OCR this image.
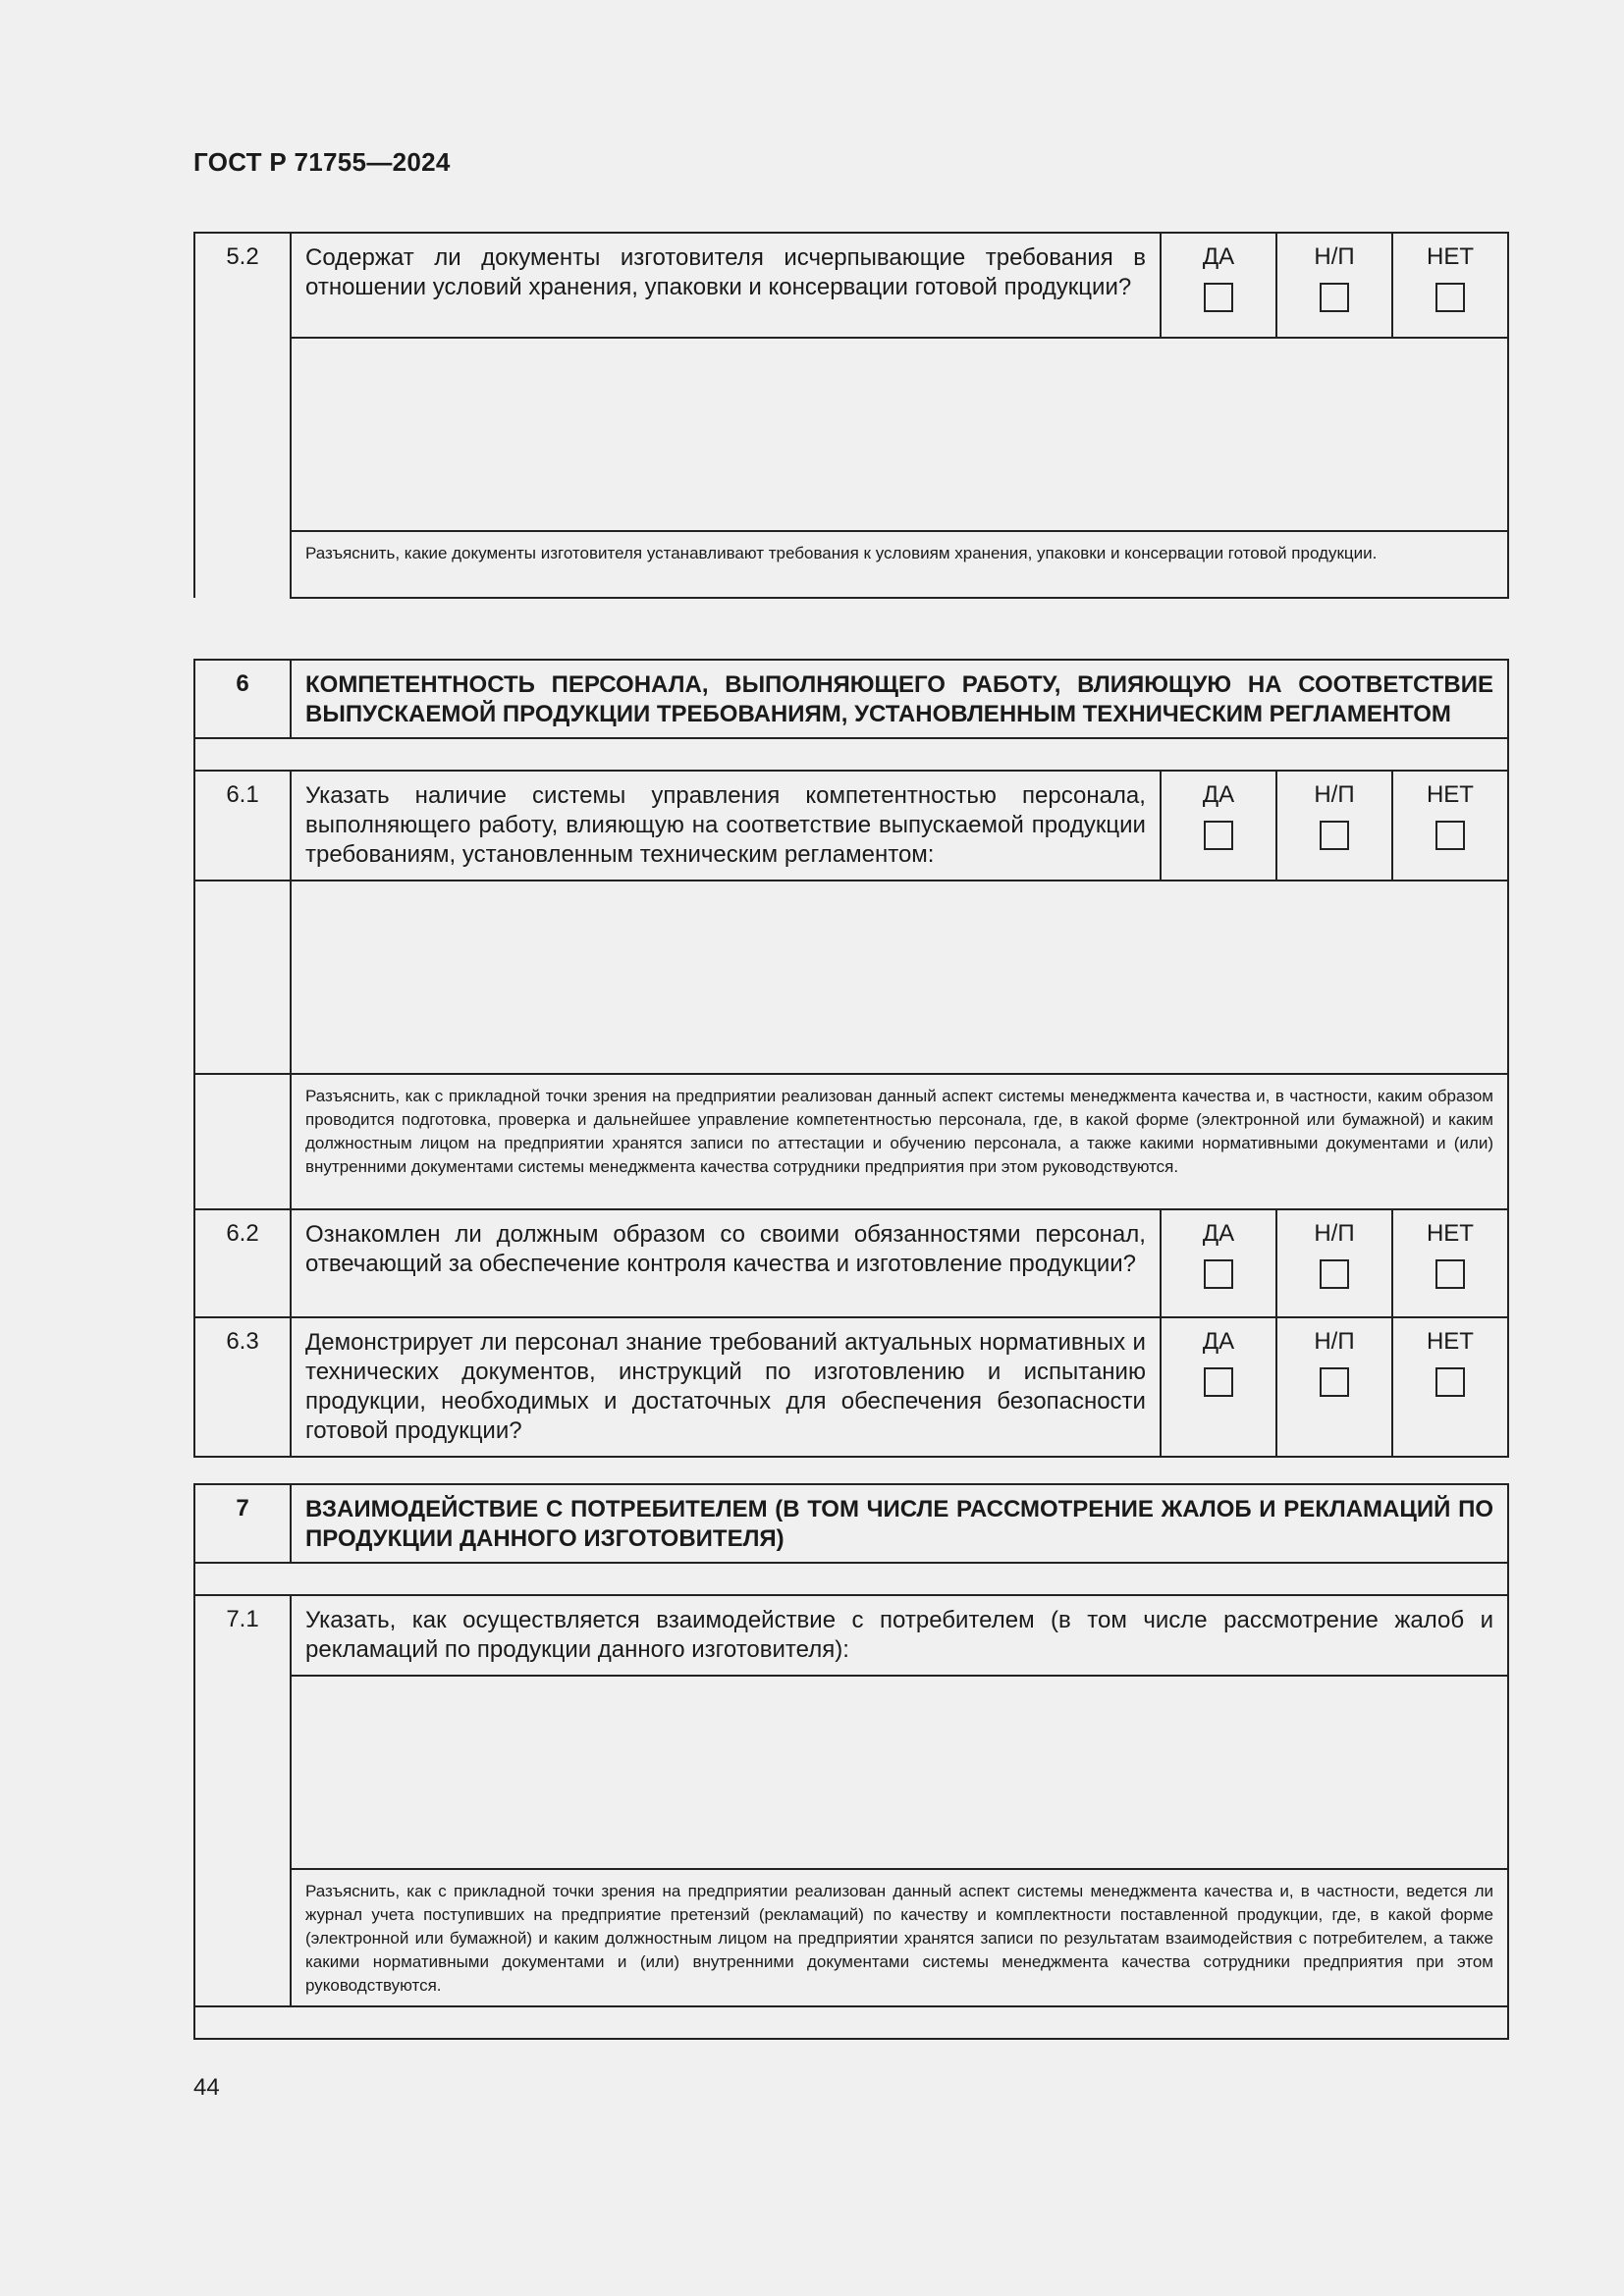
ГОСТ Р 71755—2024
5.2	Содержат ли документы изготовителя исчерпывающие требования в отношении условий хранения, упаковки и консервации готовой продукции?	ДА	Н/П	НЕТ

Разъяснить, какие документы изготовителя устанавливают требования к условиям хранения, упаковки и консервации готовой продукции.
6	КОМПЕТЕНТНОСТЬ ПЕРСОНАЛА, ВЫПОЛНЯЮЩЕГО РАБОТУ, ВЛИЯЮЩУЮ НА СООТВЕТСТВИЕ ВЫПУСКАЕМОЙ ПРОДУКЦИИ ТРЕБОВАНИЯМ, УСТАНОВЛЕННЫМ ТЕХНИЧЕСКИМ РЕГЛАМЕНТОМ			

6.1	Указать наличие системы управления компетентностью персонала, выполняющего работу, влияющую на соответствие выпускаемой продукции требованиям, установленным техническим регламентом:	ДА	Н/П	НЕТ

	Разъяснить, как с прикладной точки зрения на предприятии реализован данный аспект системы менеджмента качества и, в частности, каким образом проводится подготовка, проверка и дальнейшее управление компетентностью персонала, где, в какой форме (электронной или бумажной) и каким должностным лицом на предприятии хранятся записи по аттестации и обучению персонала, а также какими нормативными документами и (или) внутренними документами системы менеджмента качества сотрудники предприятия при этом руководствуются.			
6.2	Ознакомлен ли должным образом со своими обязанностями персонал, отвечающий за обеспечение контроля качества и изготовление продукции?	ДА	Н/П	НЕТ

6.3	Демонстрирует ли персонал знание требований актуальных нормативных и технических документов, инструкций по изготовлению и испытанию продукции, необходимых и достаточных для обеспечения безопасности готовой продукции?	ДА	Н/П	НЕТ
7	ВЗАИМОДЕЙСТВИЕ С ПОТРЕБИТЕЛЕМ (В ТОМ ЧИСЛЕ РАССМОТРЕНИЕ ЖАЛОБ И РЕКЛАМАЦИЙ ПО ПРОДУКЦИИ ДАННОГО ИЗГОТОВИТЕЛЯ)

7.1	Указать, как осуществляется взаимодействие с потребителем (в том числе рассмотрение жалоб и рекламаций по продукции данного изготовителя):

	Разъяснить, как с прикладной точки зрения на предприятии реализован данный аспект системы менеджмента качества и, в частности, ведется ли журнал учета поступивших на предприятие претензий (рекламаций) по качеству и комплектности поставленной продукции, где, в какой форме (электронной или бумажной) и каким должностным лицом на предприятии хранятся записи по результатам взаимодействия с потребителем, а также какими нормативными документами и (или) внутренними документами системы менеджмента качества сотрудники предприятия при этом руководствуются.

44
